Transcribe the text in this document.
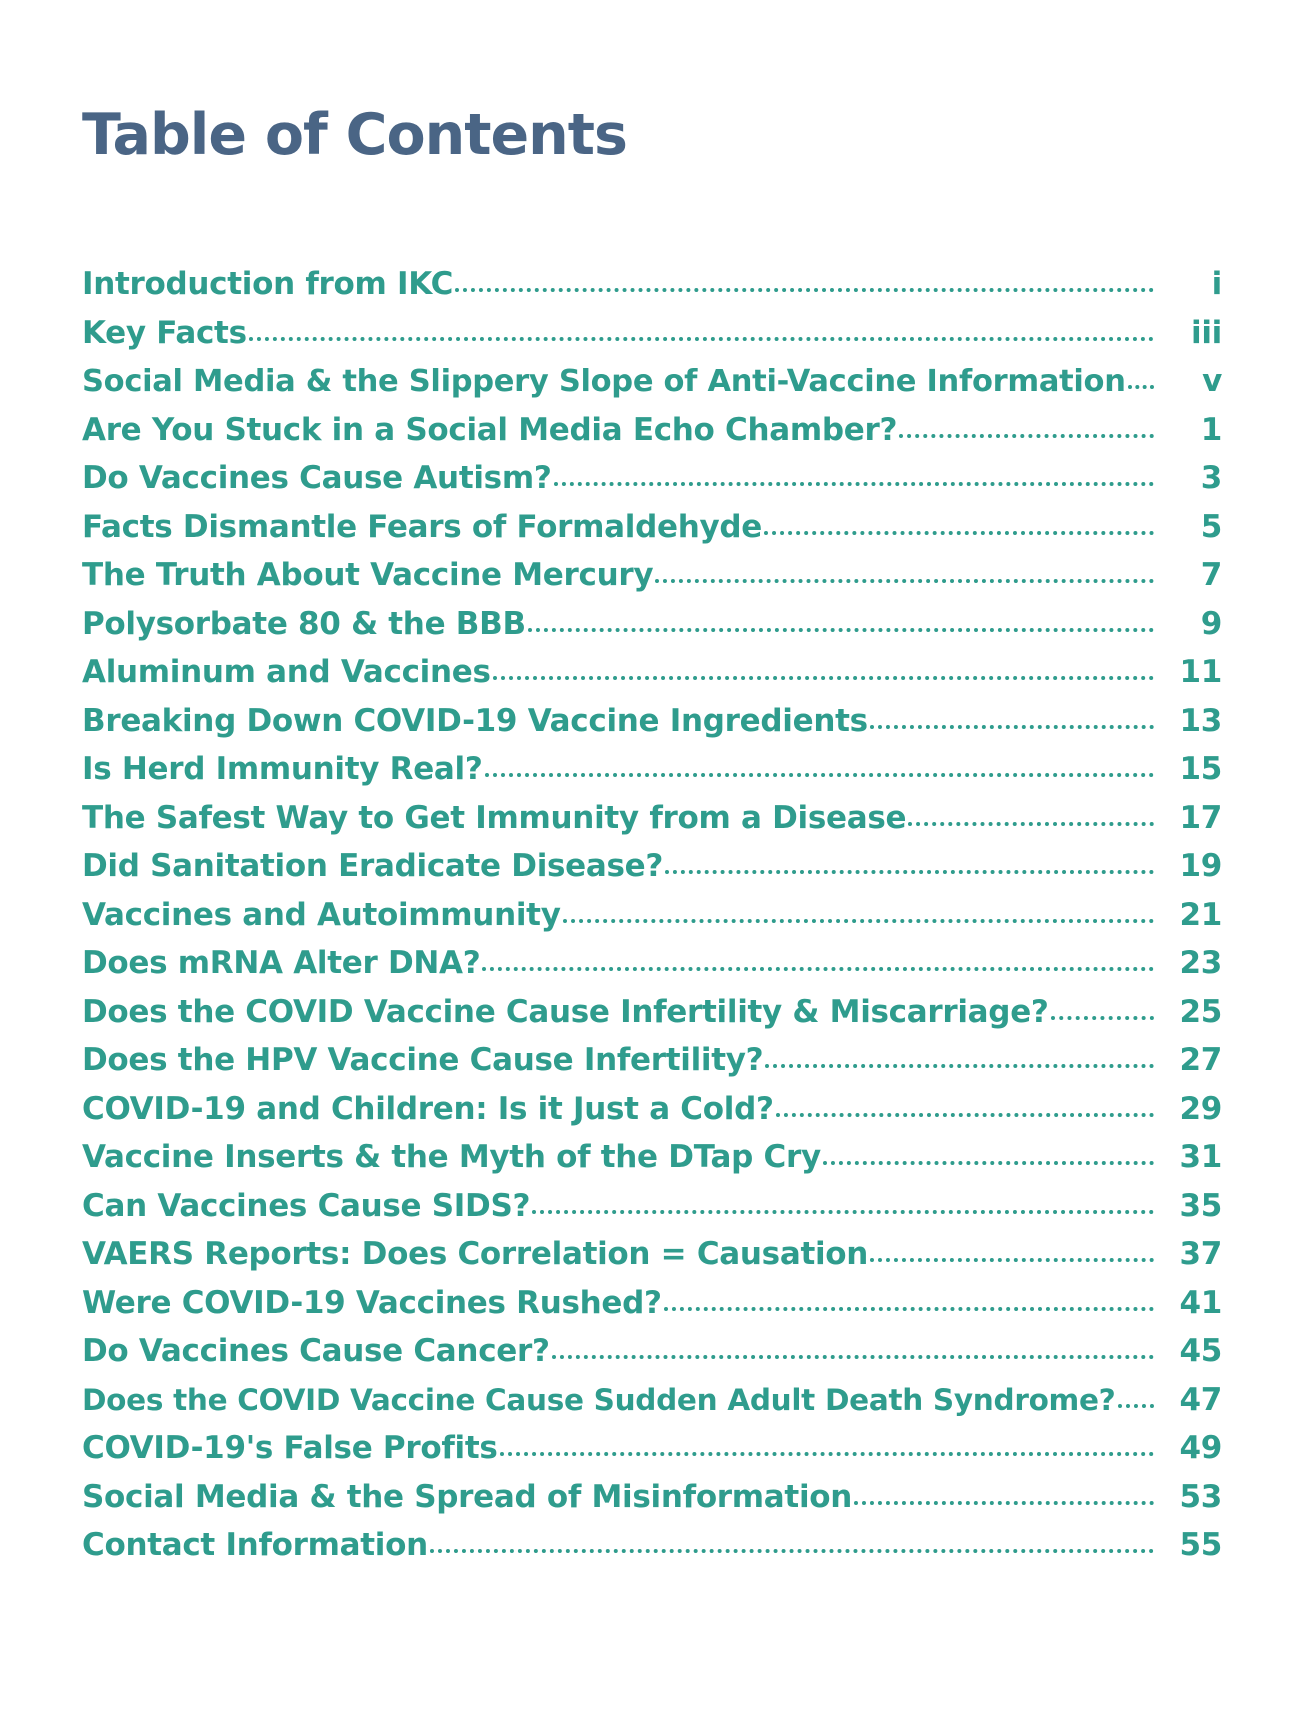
Table of Contents
Introduction from IKC	i
Key Facts	iii
Social Media & the Slippery Slope of Anti-Vaccine Information	v
Are You Stuck in a Social Media Echo Chamber?	1
Do Vaccines Cause Autism?	3
Facts Dismantle Fears of Formaldehyde	5
The Truth About Vaccine Mercury	7
Polysorbate 80 & the BBB	9
Aluminum and Vaccines	11
Breaking Down COVID-19 Vaccine Ingredients	13
Is Herd Immunity Real?	15
The Safest Way to Get Immunity from a Disease	17
Did Sanitation Eradicate Disease?	19
Vaccines and Autoimmunity	21
Does mRNA Alter DNA?	23
Does the COVID Vaccine Cause Infertility & Miscarriage?	25
Does the HPV Vaccine Cause Infertility?	27
COVID-19 and Children: Is it Just a Cold?	29
Vaccine Inserts & the Myth of the DTap Cry	31
Can Vaccines Cause SIDS?	35
VAERS Reports: Does Correlation = Causation	37
Were COVID-19 Vaccines Rushed?	41
Do Vaccines Cause Cancer?	45
Does the COVID Vaccine Cause Sudden Adult Death Syndrome? 47
COVID-19's False Profits	49
Social Media & the Spread of Misinformation	53
Contact Information	55
